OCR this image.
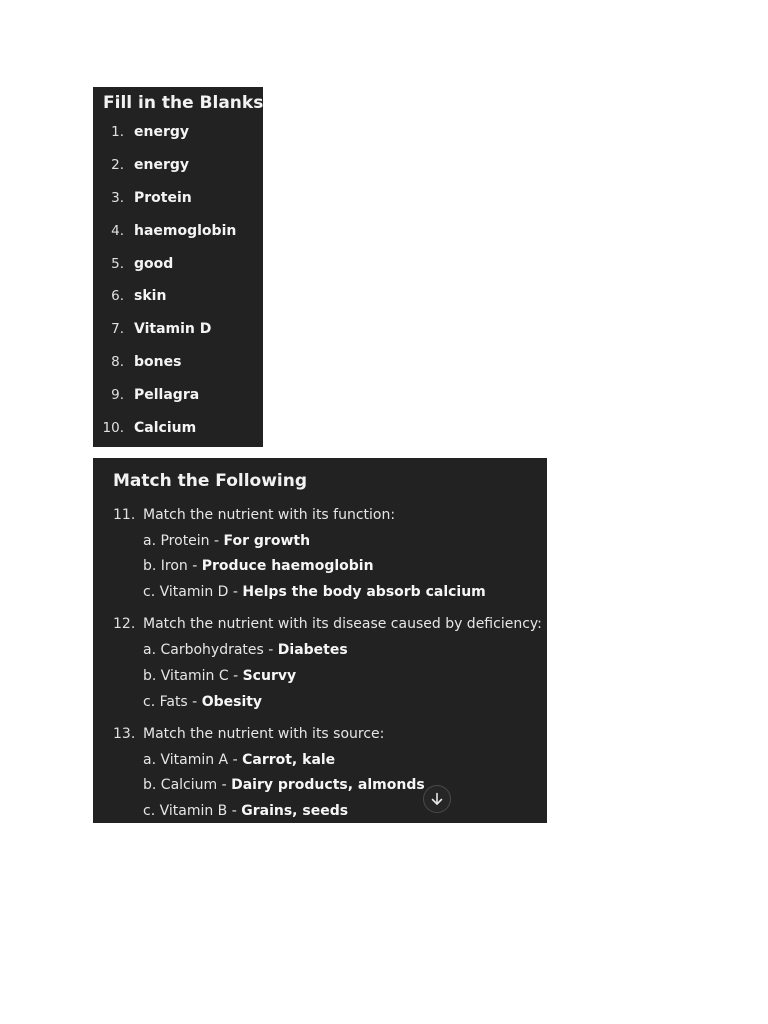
Fill in the Blanks
1. energy
2. energy
3. Protein
4. haemoglobin
5. good
6. skin
7. Vitamin D
8. bones
9. Pellagra
10. Calcium
Match the Following
11. Match the nutrient with its function:
a. Protein - For growth
b. Iron - Produce haemoglobin
c. Vitamin D - Helps the body absorb calcium
12. Match the nutrient with its disease caused by deficiency:
a. Carbohydrates - Diabetes
b. Vitamin C - Scurvy
c. Fats - Obesity
13. Match the nutrient with its source:
a. Vitamin A - Carrot, kale
b. Calcium - Dairy products, almonds
c. Vitamin B - Grains, seeds
